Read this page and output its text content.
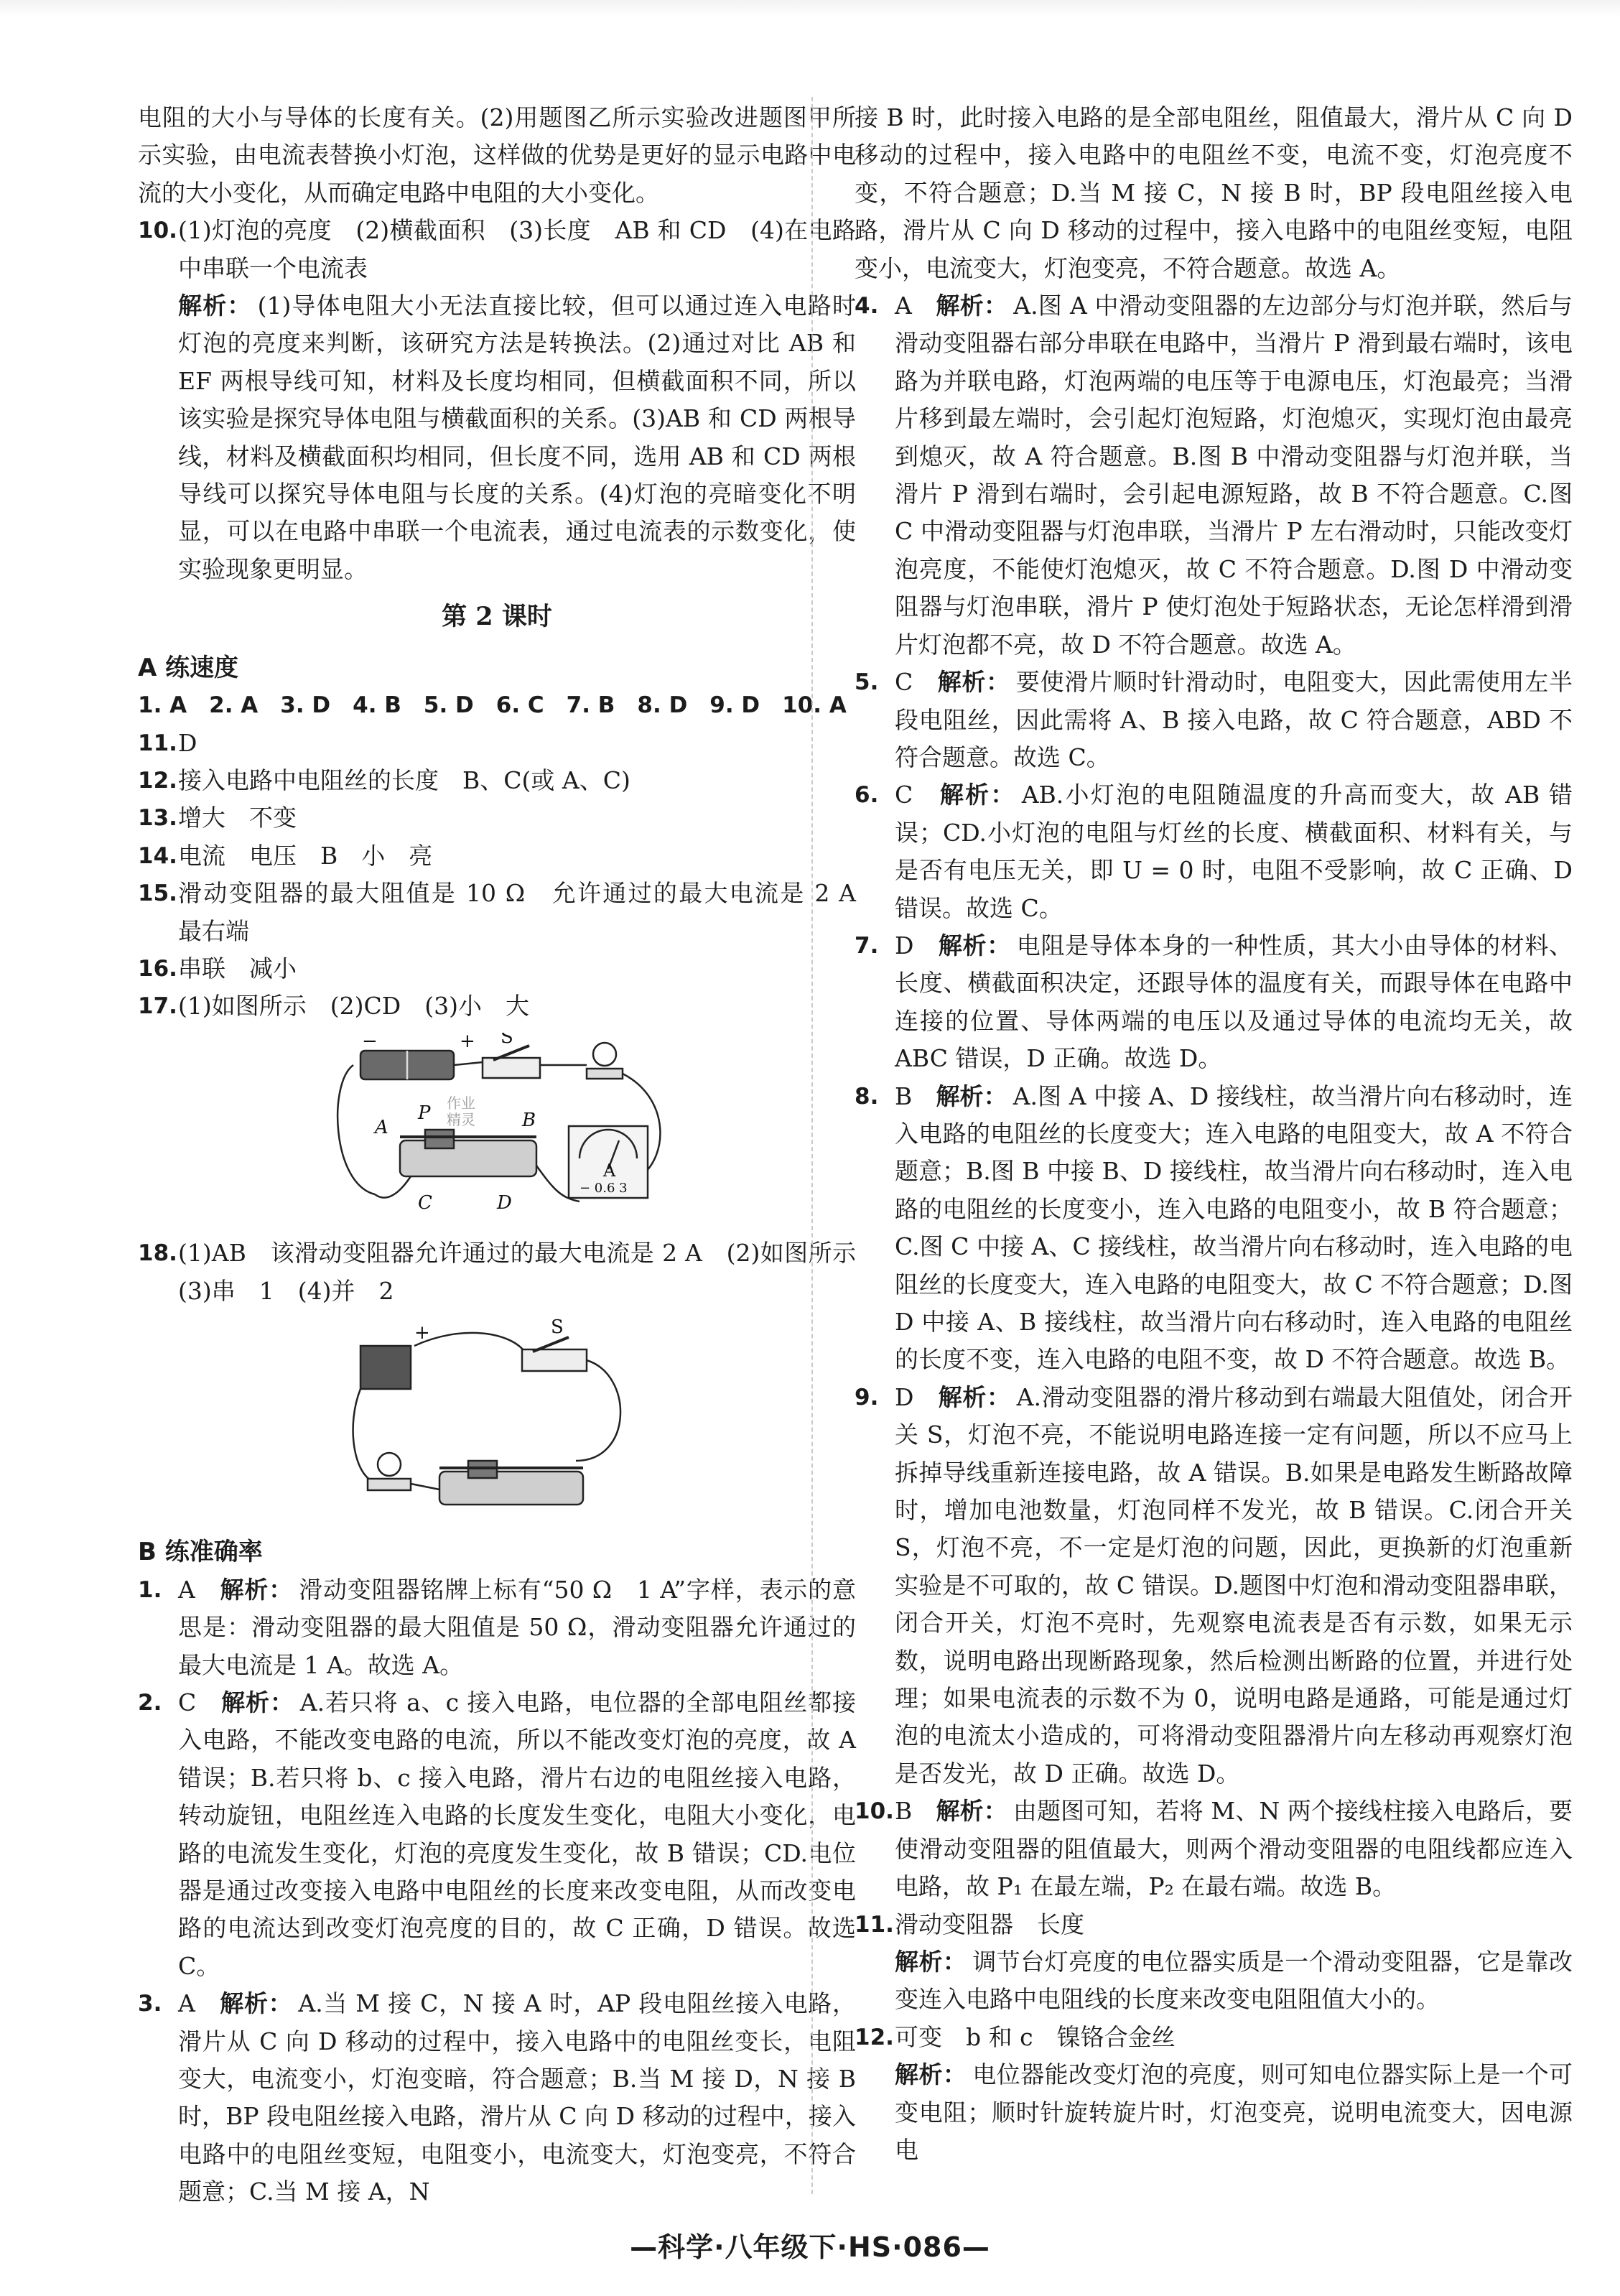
电阻的大小与导体的长度有关。(2)用题图乙所示实验改进题图甲所示实验，由电流表替换小灯泡，这样做的优势是更好的显示电路中电流的大小变化，从而确定电路中电阻的大小变化。

10. (1)灯泡的亮度　(2)横截面积　(3)长度　AB 和 CD　(4)在电路中串联一个电流表

解析： (1)导体电阻大小无法直接比较，但可以通过连入电路时灯泡的亮度来判断，该研究方法是转换法。(2)通过对比 AB 和 EF 两根导线可知，材料及长度均相同，但横截面积不同，所以该实验是探究导体电阻与横截面积的关系。(3)AB 和 CD 两根导线，材料及横截面积均相同，但长度不同，选用 AB 和 CD 两根导线可以探究导体电阻与长度的关系。(4)灯泡的亮暗变化不明显，可以在电路中串联一个电流表，通过电流表的示数变化，使实验现象更明显。

第 2 课时
A 练速度

1. A　2. A　3. D　4. B　5. D　6. C　7. B　8. D　9. D　10. A

11. D

12. 接入电路中电阻丝的长度　B、C(或 A、C)

13. 增大　不变

14. 电流　电压　B　小　亮

15. 滑动变阻器的最大阻值是 10 Ω　允许通过的最大电流是 2 A　最右端

16. 串联　减小

17. (1)如图所示　(2)CD　(3)小　大

−	+ S
A
P	B
C	D
A
− 0.6 3
作业
精灵
18. (1)AB　该滑动变阻器允许通过的最大电流是 2 A　(2)如图所示　(3)串　1　(4)并　2

+	S
B 练准确率
1. A　 解析： 滑动变阻器铭牌上标有“50 Ω　1 A”字样，表示的意思是：滑动变阻器的最大阻值是 50 Ω，滑动变阻器允许通过的最大电流是 1 A。故选 A。

2. C　 解析： A.若只将 a、c 接入电路，电位器的全部电阻丝都接入电路，不能改变电路的电流，所以不能改变灯泡的亮度，故 A 错误；B.若只将 b、c 接入电路，滑片右边的电阻丝接入电路，转动旋钮，电阻丝连入电路的长度发生变化，电阻大小变化，电路的电流发生变化，灯泡的亮度发生变化，故 B 错误；CD.电位器是通过改变接入电路中电阻丝的长度来改变电阻，从而改变电路的电流达到改变灯泡亮度的目的，故 C 正确，D 错误。故选 C。

3. A　 解析： A.当 M 接 C，N 接 A 时，AP 段电阻丝接入电路，滑片从 C 向 D 移动的过程中，接入电路中的电阻丝变长，电阻变大，电流变小，灯泡变暗，符合题意；B.当 M 接 D，N 接 B 时，BP 段电阻丝接入电路，滑片从 C 向 D 移动的过程中，接入电路中的电阻丝变短，电阻变小，电流变大，灯泡变亮，不符合题意；C.当 M 接 A，N

接 B 时，此时接入电路的是全部电阻丝，阻值最大，滑片从 C 向 D 移动的过程中，接入电路中的电阻丝不变，电流不变，灯泡亮度不变，不符合题意；D.当 M 接 C，N 接 B 时，BP 段电阻丝接入电路，滑片从 C 向 D 移动的过程中，接入电路中的电阻丝变短，电阻变小，电流变大，灯泡变亮，不符合题意。故选 A。

4. A　 解析： A.图 A 中滑动变阻器的左边部分与灯泡并联，然后与滑动变阻器右部分串联在电路中，当滑片 P 滑到最右端时，该电路为并联电路，灯泡两端的电压等于电源电压，灯泡最亮；当滑片移到最左端时，会引起灯泡短路，灯泡熄灭，实现灯泡由最亮到熄灭，故 A 符合题意。B.图 B 中滑动变阻器与灯泡并联，当滑片 P 滑到右端时，会引起电源短路，故 B 不符合题意。C.图 C 中滑动变阻器与灯泡串联，当滑片 P 左右滑动时，只能改变灯泡亮度，不能使灯泡熄灭，故 C 不符合题意。D.图 D 中滑动变阻器与灯泡串联，滑片 P 使灯泡处于短路状态，无论怎样滑到滑片灯泡都不亮，故 D 不符合题意。故选 A。

5. C　 解析： 要使滑片顺时针滑动时，电阻变大，因此需使用左半段电阻丝，因此需将 A、B 接入电路，故 C 符合题意，ABD 不符合题意。故选 C。

6. C　 解析： AB.小灯泡的电阻随温度的升高而变大，故 AB 错误；CD.小灯泡的电阻与灯丝的长度、横截面积、材料有关，与是否有电压无关，即 U = 0 时，电阻不受影响，故 C 正确、D 错误。故选 C。

7. D　 解析： 电阻是导体本身的一种性质，其大小由导体的材料、长度、横截面积决定，还跟导体的温度有关，而跟导体在电路中连接的位置、导体两端的电压以及通过导体的电流均无关，故 ABC 错误，D 正确。故选 D。

8. B　 解析： A.图 A 中接 A、D 接线柱，故当滑片向右移动时，连入电路的电阻丝的长度变大；连入电路的电阻变大，故 A 不符合题意；B.图 B 中接 B、D 接线柱，故当滑片向右移动时，连入电路的电阻丝的长度变小，连入电路的电阻变小，故 B 符合题意；C.图 C 中接 A、C 接线柱，故当滑片向右移动时，连入电路的电阻丝的长度变大，连入电路的电阻变大，故 C 不符合题意；D.图 D 中接 A、B 接线柱，故当滑片向右移动时，连入电路的电阻丝的长度不变，连入电路的电阻不变，故 D 不符合题意。故选 B。

9. D　 解析： A.滑动变阻器的滑片移动到右端最大阻值处，闭合开关 S，灯泡不亮，不能说明电路连接一定有问题，所以不应马上拆掉导线重新连接电路，故 A 错误。B.如果是电路发生断路故障时，增加电池数量，灯泡同样不发光，故 B 错误。C.闭合开关 S，灯泡不亮，不一定是灯泡的问题，因此，更换新的灯泡重新实验是不可取的，故 C 错误。D.题图中灯泡和滑动变阻器串联，闭合开关，灯泡不亮时，先观察电流表是否有示数，如果无示数，说明电路出现断路现象，然后检测出断路的位置，并进行处理；如果电流表的示数不为 0，说明电路是通路，可能是通过灯泡的电流太小造成的，可将滑动变阻器滑片向左移动再观察灯泡是否发光，故 D 正确。故选 D。

10. B　 解析： 由题图可知，若将 M、N 两个接线柱接入电路后，要使滑动变阻器的阻值最大，则两个滑动变阻器的电阻线都应连入电路，故 P₁ 在最左端，P₂ 在最右端。故选 B。

11. 滑动变阻器　长度

解析： 调节台灯亮度的电位器实质是一个滑动变阻器，它是靠改变连入电路中电阻线的长度来改变电阻阻值大小的。

12. 可变　b 和 c　镍铬合金丝

解析： 电位器能改变灯泡的亮度，则可知电位器实际上是一个可变电阻；顺时针旋转旋片时，灯泡变亮，说明电流变大，因电源电

—科学·八年级下·HS·086—
